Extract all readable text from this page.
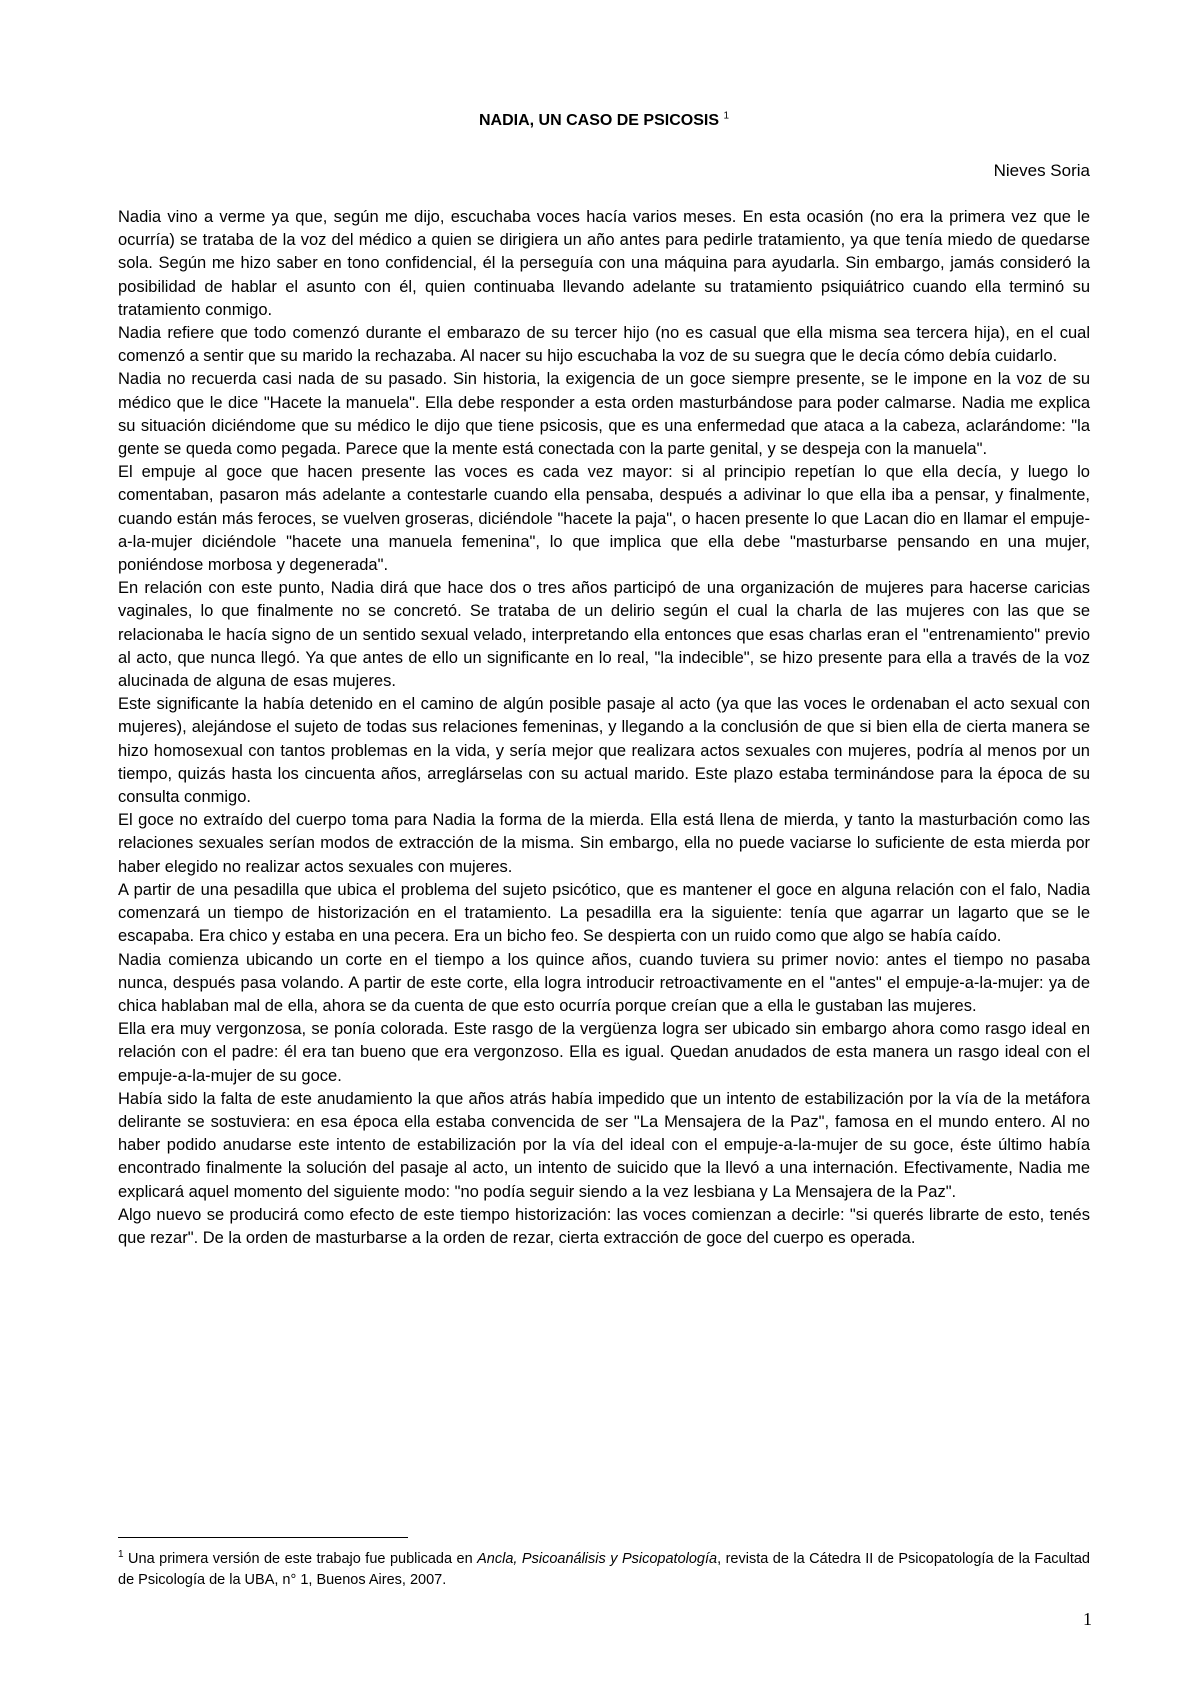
NADIA, UN CASO DE PSICOSIS $^1$
Nieves Soria

Nadia vino a verme ya que, según me dijo, escuchaba voces hacía varios meses. En esta ocasión (no era la primera vez que le ocurría) se trataba de la voz del médico a quien se dirigiera un año antes para pedirle tratamiento, ya que tenía miedo de quedarse sola. Según me hizo saber en tono confidencial, él la perseguía con una máquina para ayudarla. Sin embargo, jamás consideró la posibilidad de hablar el asunto con él, quien continuaba llevando adelante su tratamiento psiquiátrico cuando ella terminó su tratamiento conmigo.

Nadia refiere que todo comenzó durante el embarazo de su tercer hijo (no es casual que ella misma sea tercera hija), en el cual comenzó a sentir que su marido la rechazaba. Al nacer su hijo escuchaba la voz de su suegra que le decía cómo debía cuidarlo.

Nadia no recuerda casi nada de su pasado. Sin historia, la exigencia de un goce siempre presente, se le impone en la voz de su médico que le dice "Hacete la manuela". Ella debe responder a esta orden masturbándose para poder calmarse. Nadia me explica su situación diciéndome que su médico le dijo que tiene psicosis, que es una enfermedad que ataca a la cabeza, aclarándome: "la gente se queda como pegada. Parece que la mente está conectada con la parte genital, y se despeja con la manuela".

El empuje al goce que hacen presente las voces es cada vez mayor: si al principio repetían lo que ella decía, y luego lo comentaban, pasaron más adelante a contestarle cuando ella pensaba, después a adivinar lo que ella iba a pensar, y finalmente, cuando están más feroces, se vuelven groseras, diciéndole "hacete la paja", o hacen presente lo que Lacan dio en llamar el empuje-a-la-mujer diciéndole "hacete una manuela femenina", lo que implica que ella debe "masturbarse pensando en una mujer, poniéndose morbosa y degenerada".

En relación con este punto, Nadia dirá que hace dos o tres años participó de una organización de mujeres para hacerse caricias vaginales, lo que finalmente no se concretó. Se trataba de un delirio según el cual la charla de las mujeres con las que se relacionaba le hacía signo de un sentido sexual velado, interpretando ella entonces que esas charlas eran el "entrenamiento" previo al acto, que nunca llegó. Ya que antes de ello un significante en lo real, "la indecible", se hizo presente para ella a través de la voz alucinada de alguna de esas mujeres.

Este significante la había detenido en el camino de algún posible pasaje al acto (ya que las voces le ordenaban el acto sexual con mujeres), alejándose el sujeto de todas sus relaciones femeninas, y llegando a la conclusión de que si bien ella de cierta manera se hizo homosexual con tantos problemas en la vida, y sería mejor que realizara actos sexuales con mujeres, podría al menos por un tiempo, quizás hasta los cincuenta años, arreglárselas con su actual marido. Este plazo estaba terminándose para la época de su consulta conmigo.

El goce no extraído del cuerpo toma para Nadia la forma de la mierda. Ella está llena de mierda, y tanto la masturbación como las relaciones sexuales serían modos de extracción de la misma. Sin embargo, ella no puede vaciarse lo suficiente de esta mierda por haber elegido no realizar actos sexuales con mujeres.

A partir de una pesadilla que ubica el problema del sujeto psicótico, que es mantener el goce en alguna relación con el falo, Nadia comenzará un tiempo de historización en el tratamiento. La pesadilla era la siguiente: tenía que agarrar un lagarto que se le escapaba. Era chico y estaba en una pecera. Era un bicho feo. Se despierta con un ruido como que algo se había caído.

Nadia comienza ubicando un corte en el tiempo a los quince años, cuando tuviera su primer novio: antes el tiempo no pasaba nunca, después pasa volando. A partir de este corte, ella logra introducir retroactivamente en el "antes" el empuje-a-la-mujer: ya de chica hablaban mal de ella, ahora se da cuenta de que esto ocurría porque creían que a ella le gustaban las mujeres.

Ella era muy vergonzosa, se ponía colorada. Este rasgo de la vergüenza logra ser ubicado sin embargo ahora como rasgo ideal en relación con el padre: él era tan bueno que era vergonzoso. Ella es igual. Quedan anudados de esta manera un rasgo ideal con el empuje-a-la-mujer de su goce.

Había sido la falta de este anudamiento la que años atrás había impedido que un intento de estabilización por la vía de la metáfora delirante se sostuviera: en esa época ella estaba convencida de ser "La Mensajera de la Paz", famosa en el mundo entero. Al no haber podido anudarse este intento de estabilización por la vía del ideal con el empuje-a-la-mujer de su goce, éste último había encontrado finalmente la solución del pasaje al acto, un intento de suicido que la llevó a una internación. Efectivamente, Nadia me explicará aquel momento del siguiente modo: "no podía seguir siendo a la vez lesbiana y La Mensajera de la Paz".

Algo nuevo se producirá como efecto de este tiempo historización: las voces comienzan a decirle: "si querés librarte de esto, tenés que rezar". De la orden de masturbarse a la orden de rezar, cierta extracción de goce del cuerpo es operada.

$^1$ Una primera versión de este trabajo fue publicada en Ancla, Psicoanálisis y Psicopatología, revista de la Cátedra II de Psicopatología de la Facultad de Psicología de la UBA, n° 1, Buenos Aires, 2007.
1
